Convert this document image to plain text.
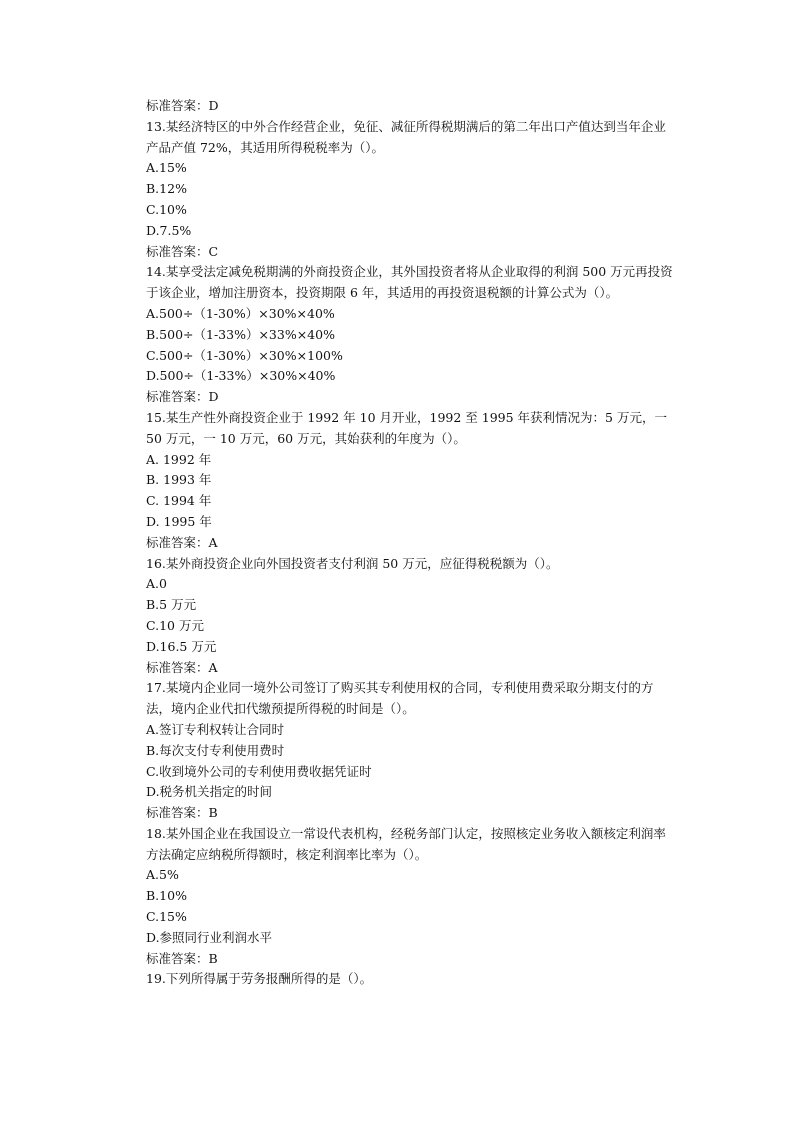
标准答案：D
13.某经济特区的中外合作经营企业，免征、减征所得税期满后的第二年出口产值达到当年企业产品产值 72%，其适用所得税税率为（）。
A.15%
B.12%
C.10%
D.7.5%
标准答案：C
14.某享受法定减免税期满的外商投资企业，其外国投资者将从企业取得的利润 500 万元再投资于该企业，增加注册资本，投资期限 6 年，其适用的再投资退税额的计算公式为（）。
A.500÷（1-30%）×30%×40%
B.500÷（1-33%）×33%×40%
C.500÷（1-30%）×30%×100%
D.500÷（1-33%）×30%×40%
标准答案：D
15.某生产性外商投资企业于 1992 年 10 月开业，1992 至 1995 年获利情况为：5 万元，一 50 万元，一 10 万元，60 万元，其始获利的年度为（）。
A. 1992 年
B. 1993 年
C. 1994 年
D. 1995 年
标准答案：A
16.某外商投资企业向外国投资者支付利润 50 万元，应征得税税额为（）。
A.0
B.5 万元
C.10 万元
D.16.5 万元
标准答案：A
17.某境内企业同一境外公司签订了购买其专利使用权的合同，专利使用费采取分期支付的方法，境内企业代扣代缴预提所得税的时间是（）。
A.签订专利权转让合同时
B.每次支付专利使用费时
C.收到境外公司的专利使用费收据凭证时
D.税务机关指定的时间
标准答案：B
18.某外国企业在我国设立一常设代表机构，经税务部门认定，按照核定业务收入额核定利润率方法确定应纳税所得额时，核定利润率比率为（）。
A.5%
B.10%
C.15%
D.参照同行业利润水平
标准答案：B
19.下列所得属于劳务报酬所得的是（）。
